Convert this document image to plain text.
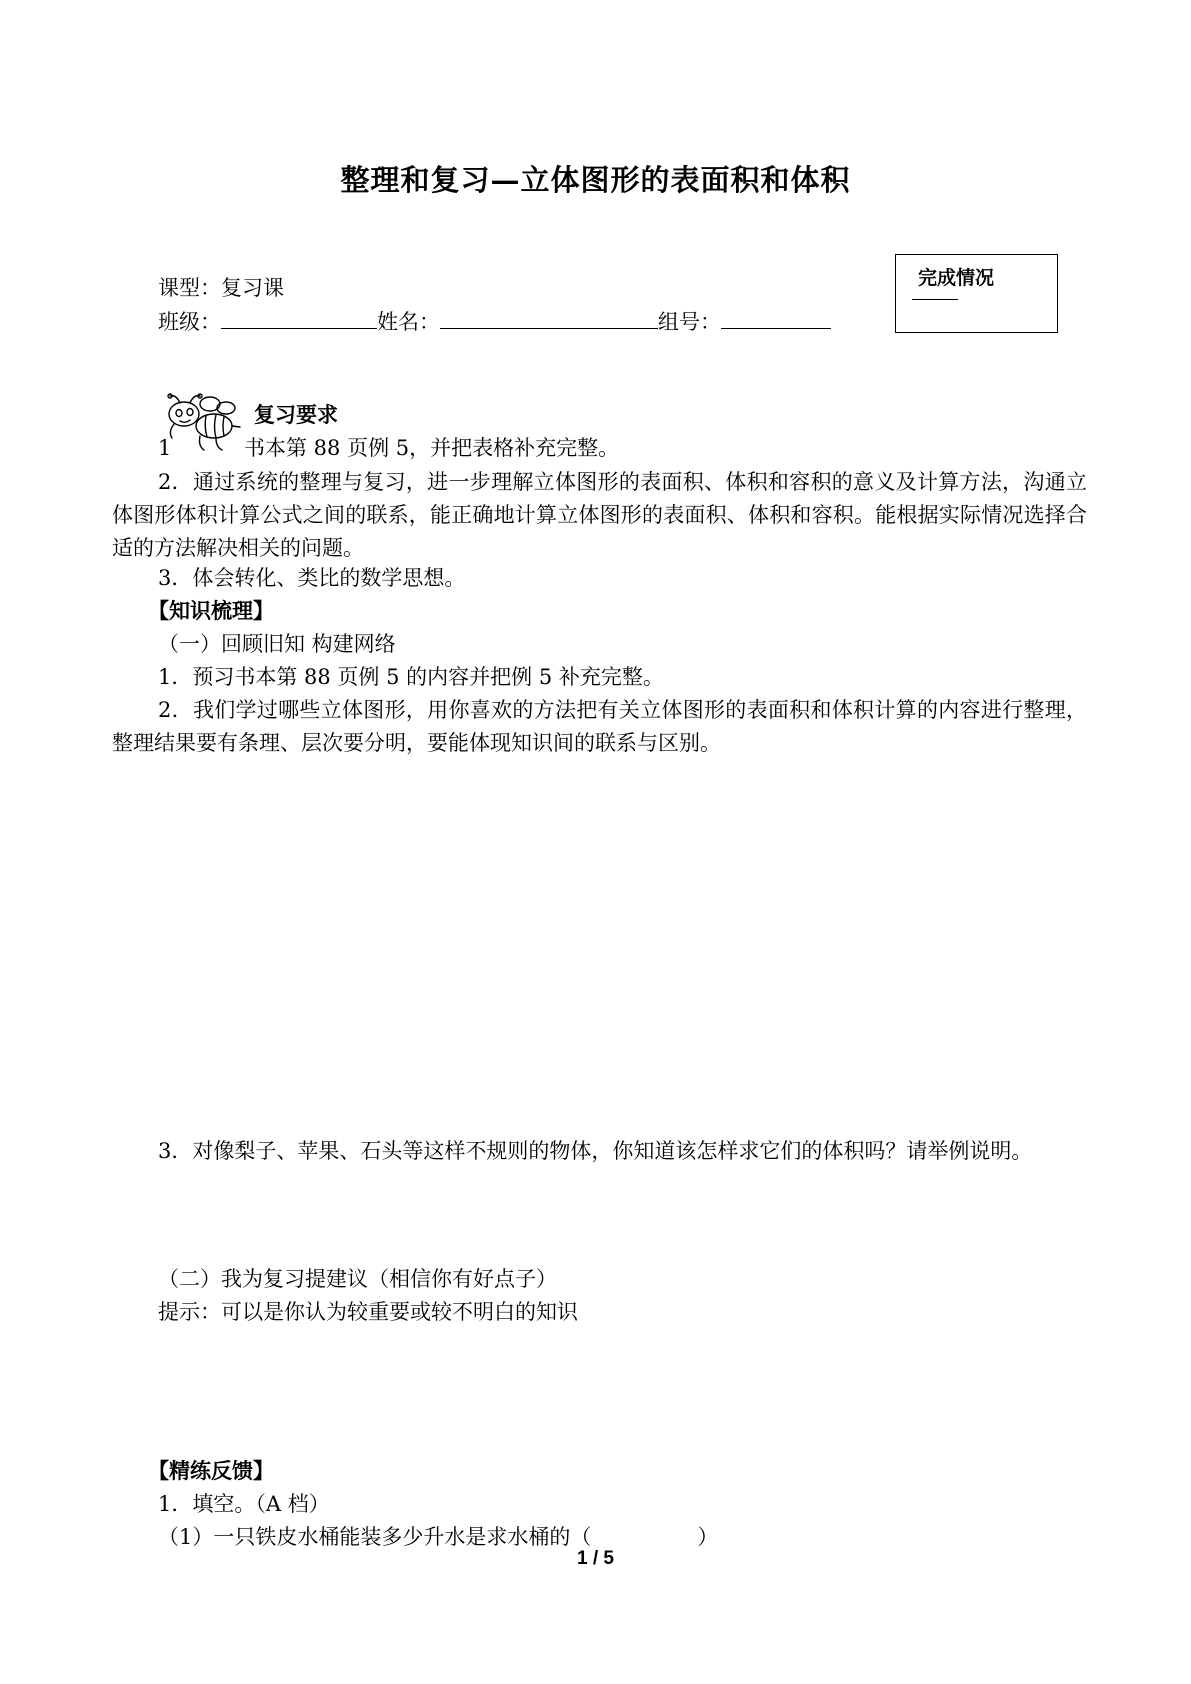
整理和复习—立体图形的表面积和体积
课型：复习课
班级：	姓名：	组号：
完成情况
复习要求
1	书本第 88 页例 5，并把表格补充完整。
2．通过系统的整理与复习，进一步理解立体图形的表面积、体积和容积的意义及计算方法，沟通立体图形体积计算公式之间的联系，能正确地计算立体图形的表面积、体积和容积。能根据实际情况选择合适的方法解决相关的问题。
3．体会转化、类比的数学思想。
【知识梳理】
（一）回顾旧知 构建网络
1．预习书本第 88 页例 5 的内容并把例 5 补充完整。
2．我们学过哪些立体图形，用你喜欢的方法把有关立体图形的表面积和体积计算的内容进行整理，整理结果要有条理、层次要分明，要能体现知识间的联系与区别。
3．对像梨子、苹果、石头等这样不规则的物体，你知道该怎样求它们的体积吗？请举例说明。
（二）我为复习提建议（相信你有好点子）
提示：可以是你认为较重要或较不明白的知识
【精练反馈】
1．填空。（A 档）
（1）一只铁皮水桶能装多少升水是求水桶的（	）
1 / 5
